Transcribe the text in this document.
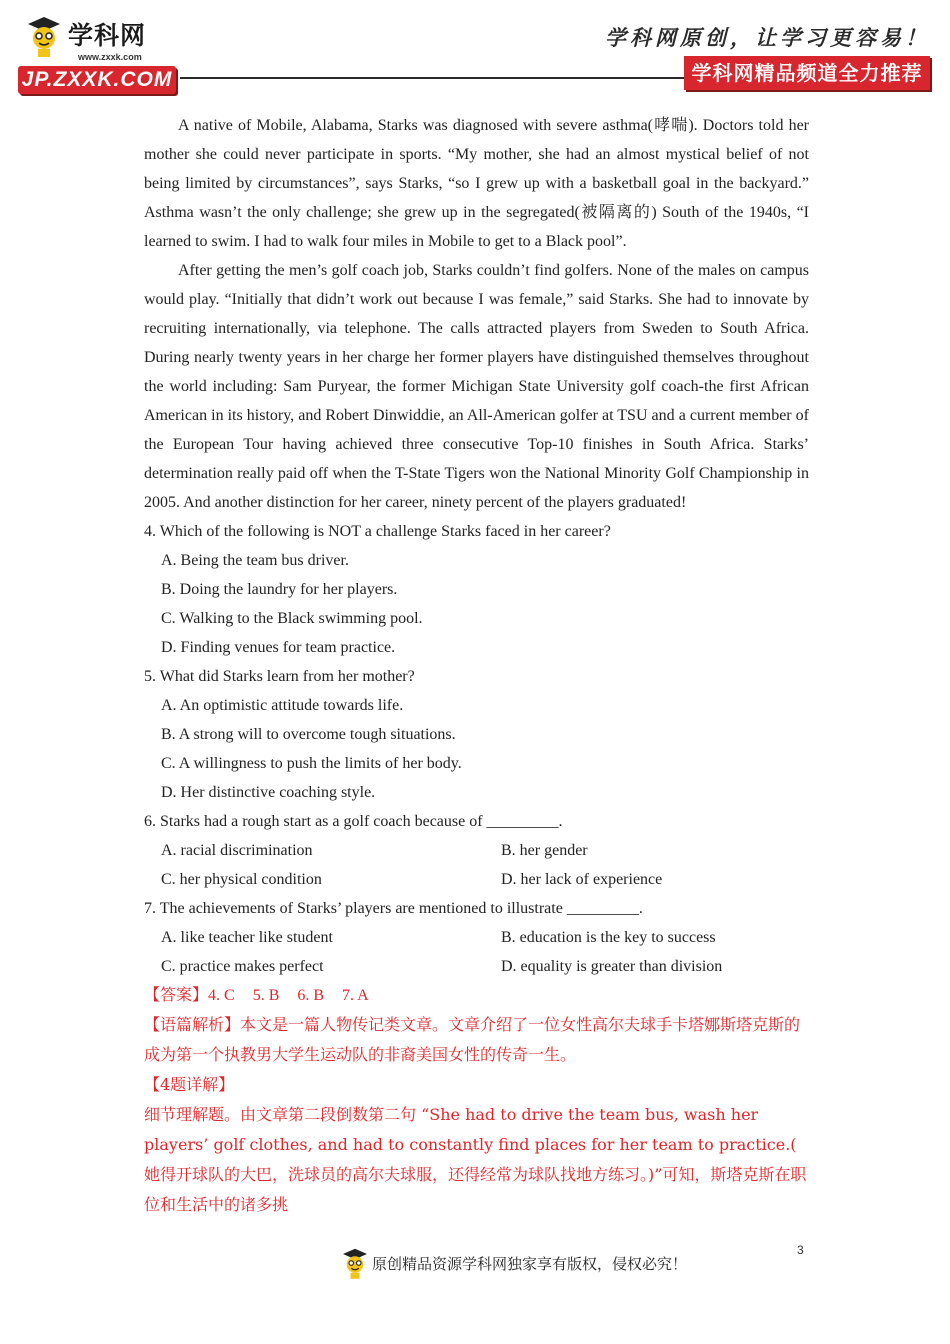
学科网
www.zxxk.com
JP.ZXXK.COM
学科网原创，让学习更容易！
学科网精品频道全力推荐

A native of Mobile, Alabama, Starks was diagnosed with severe asthma(哮喘). Doctors told her mother she could never participate in sports. “My mother, she had an almost mystical belief of not being limited by circumstances”, says Starks, “so I grew up with a basketball goal in the backyard.” Asthma wasn’t the only challenge; she grew up in the segregated(被隔离的) South of the 1940s, “I learned to swim. I had to walk four miles in Mobile to get to a Black pool”.

After getting the men’s golf coach job, Starks couldn’t find golfers. None of the males on campus would play. “Initially that didn’t work out because I was female,” said Starks. She had to innovate by recruiting internationally, via telephone. The calls attracted players from Sweden to South Africa. During nearly twenty years in her charge her former players have distinguished themselves throughout the world including: Sam Puryear, the former Michigan State University golf coach-the first African American in its history, and Robert Dinwiddie, an All-American golfer at TSU and a current member of the European Tour having achieved three consecutive Top-10 finishes in South Africa. Starks’ determination really paid off when the T-State Tigers won the National Minority Golf Championship in 2005. And another distinction for her career, ninety percent of the players graduated!

4. Which of the following is NOT a challenge Starks faced in her career?
A. Being the team bus driver.
B. Doing the laundry for her players.
C. Walking to the Black swimming pool.
D. Finding venues for team practice.
5. What did Starks learn from her mother?
A. An optimistic attitude towards life.
B. A strong will to overcome tough situations.
C. A willingness to push the limits of her body.
D. Her distinctive coaching style.
6. Starks had a rough start as a golf coach because of _________.
A. racial discrimination	B. her gender
C. her physical condition	D. her lack of experience
7. The achievements of Starks’ players are mentioned to illustrate _________.
A. like teacher like student	B. education is the key to success
C. practice makes perfect	D. equality is greater than division
【答案】4. C 5. B 6. B 7. A
【语篇解析】本文是一篇人物传记类文章。文章介绍了一位女性高尔夫球手卡塔娜斯塔克斯的成为第一个执教男大学生运动队的非裔美国女性的传奇一生。
【4题详解】
细节理解题。由文章第二段倒数第二句 “She had to drive the team bus, wash her players’ golf clothes, and had to constantly find places for her team to practice.( 她得开球队的大巴，洗球员的高尔夫球服，还得经常为球队找地方练习。)”可知，斯塔克斯在职位和生活中的诸多挑
3
原创精品资源学科网独家享有版权，侵权必究！
